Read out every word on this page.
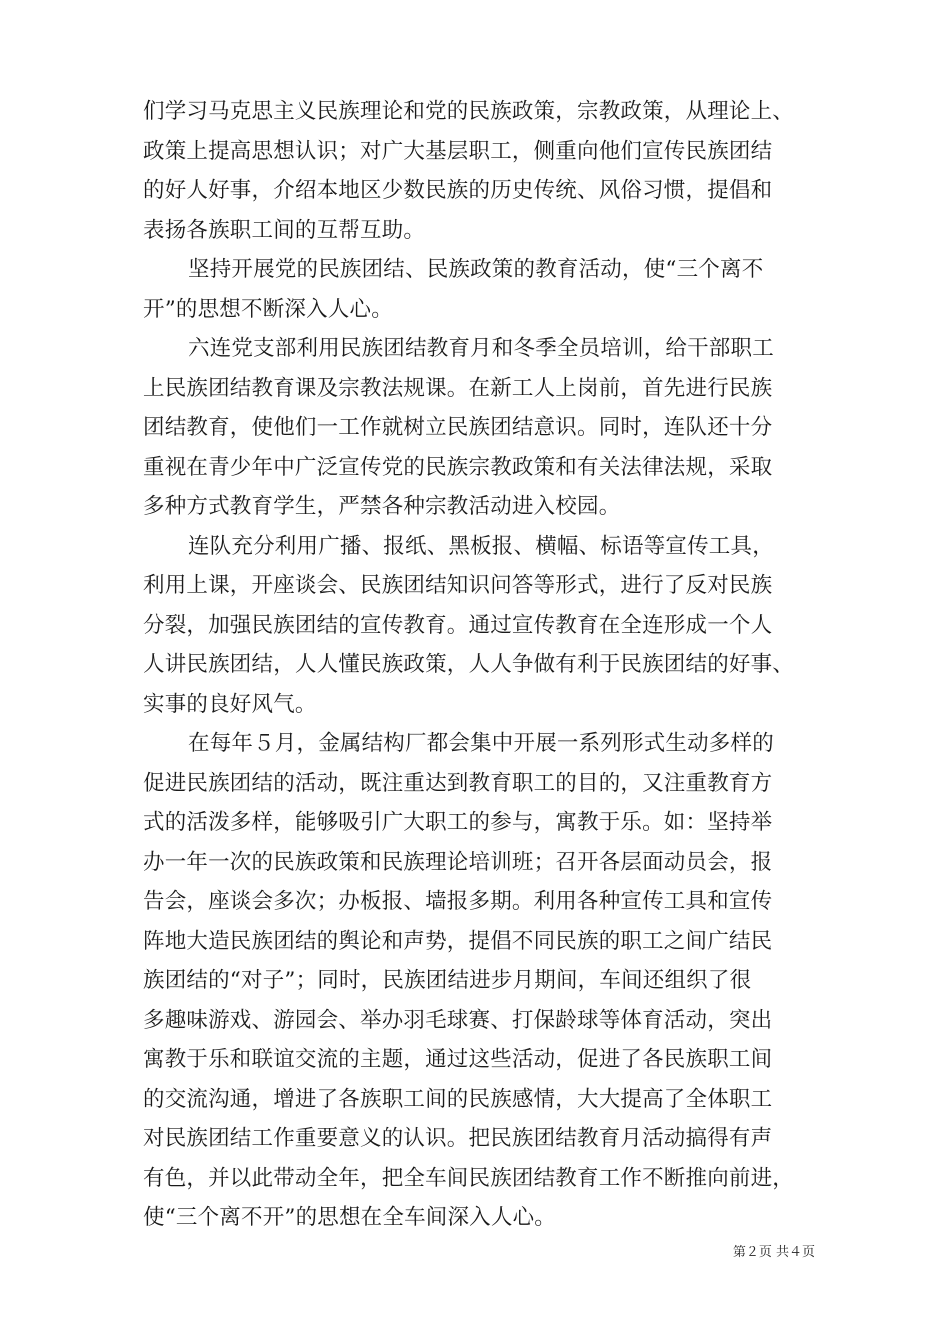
们学习马克思主义民族理论和党的民族政策，宗教政策，从理论上、
政策上提高思想认识；对广大基层职工，侧重向他们宣传民族团结
的好人好事，介绍本地区少数民族的历史传统、风俗习惯，提倡和
表扬各族职工间的互帮互助。

坚持开展党的民族团结、民族政策的教育活动，使“三个离不
开”的思想不断深入人心。

六连党支部利用民族团结教育月和冬季全员培训，给干部职工
上民族团结教育课及宗教法规课。在新工人上岗前，首先进行民族
团结教育，使他们一工作就树立民族团结意识。同时，连队还十分
重视在青少年中广泛宣传党的民族宗教政策和有关法律法规，采取
多种方式教育学生，严禁各种宗教活动进入校园。

连队充分利用广播、报纸、黑板报、横幅、标语等宣传工具，
利用上课，开座谈会、民族团结知识问答等形式，进行了反对民族
分裂，加强民族团结的宣传教育。通过宣传教育在全连形成一个人
人讲民族团结，人人懂民族政策，人人争做有利于民族团结的好事、
实事的良好风气。

在每年５月，金属结构厂都会集中开展一系列形式生动多样的
促进民族团结的活动，既注重达到教育职工的目的，又注重教育方
式的活泼多样，能够吸引广大职工的参与，寓教于乐。如：坚持举
办一年一次的民族政策和民族理论培训班；召开各层面动员会，报
告会，座谈会多次；办板报、墙报多期。利用各种宣传工具和宣传
阵地大造民族团结的舆论和声势，提倡不同民族的职工之间广结民
族团结的“对子”；同时，民族团结进步月期间，车间还组织了很
多趣味游戏、游园会、举办羽毛球赛、打保龄球等体育活动，突出
寓教于乐和联谊交流的主题，通过这些活动，促进了各民族职工间
的交流沟通，增进了各族职工间的民族感情，大大提高了全体职工
对民族团结工作重要意义的认识。把民族团结教育月活动搞得有声
有色，并以此带动全年，把全车间民族团结教育工作不断推向前进，
使“三个离不开”的思想在全车间深入人心。

第２页 共４页
